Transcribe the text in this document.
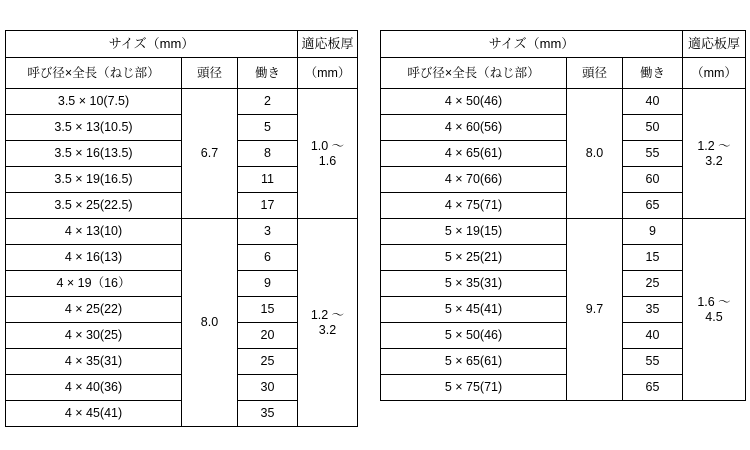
サイズ（mm）			適応板厚
呼び径×全長（ねじ部）	頭径	働き	（mm）
3.5 × 10(7.5)	6.7	2	1.0 ～
1.6

3.5 × 13(10.5)		5	
3.5 × 16(13.5)		8	
3.5 × 19(16.5)		11	
3.5 × 25(22.5)		17	
4 × 13(10)	8.0	3	1.2 ～
3.2

4 × 16(13)		6	
4 × 19（16）		9	
4 × 25(22)		15	
4 × 30(25)		20	
4 × 35(31)		25	
4 × 40(36)		30	
4 × 45(41)		35	
サイズ（mm）			適応板厚
呼び径×全長（ねじ部）	頭径	働き	（mm）
4 × 50(46)	8.0	40	1.2 ～
3.2

4 × 60(56)		50	
4 × 65(61)		55	
4 × 70(66)		60	
4 × 75(71)		65	
5 × 19(15)	9.7	9	1.6 ～
4.5

5 × 25(21)		15	
5 × 35(31)		25	
5 × 45(41)		35	
5 × 50(46)		40	
5 × 65(61)		55	
5 × 75(71)		65	
